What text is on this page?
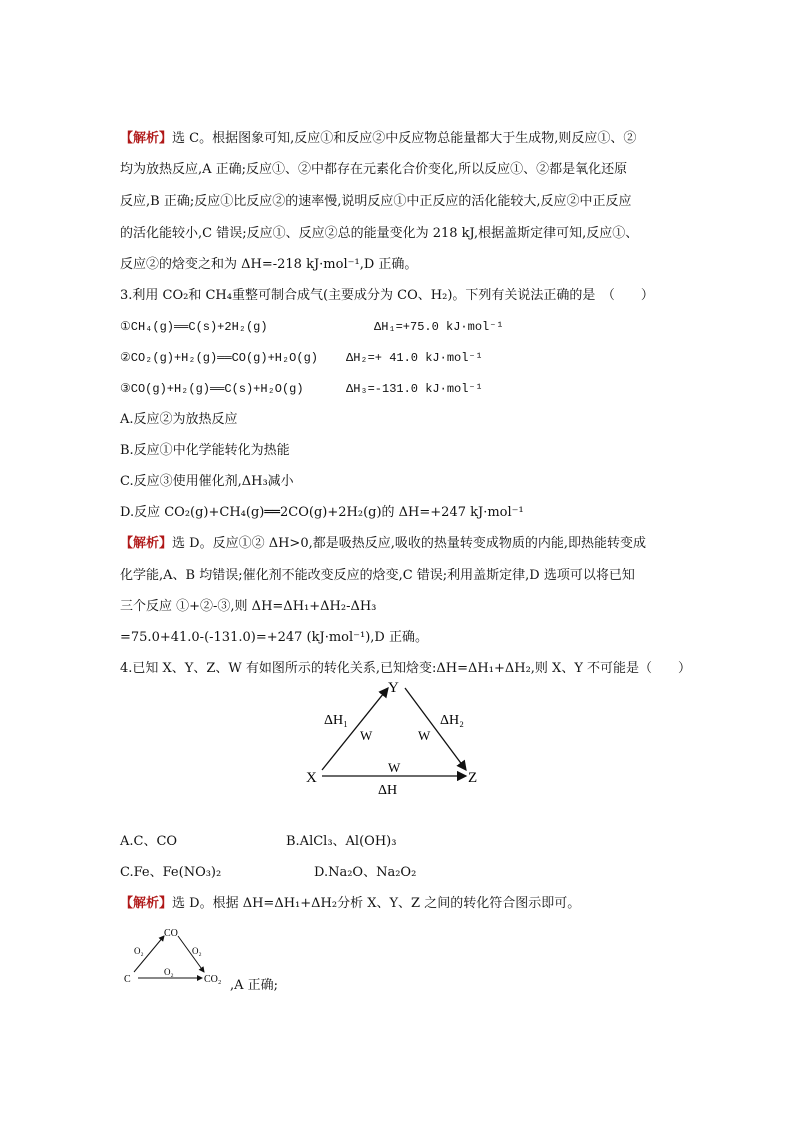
【解析】选 C。根据图象可知,反应①和反应②中反应物总能量都大于生成物,则反应①、②
均为放热反应,A 正确;反应①、②中都存在元素化合价变化,所以反应①、②都是氧化还原
反应,B 正确;反应①比反应②的速率慢,说明反应①中正反应的活化能较大,反应②中正反应
的活化能较小,C 错误;反应①、反应②总的能量变化为 218 kJ,根据盖斯定律可知,反应①、
反应②的焓变之和为 ΔH=-218 kJ·mol⁻¹,D 正确。
3.利用 CO₂和 CH₄重整可制合成气(主要成分为 CO、H₂)。下列有关说法正确的是　（　　）
①CH₄(g)══C(s)+2H₂(g)	ΔH₁=+75.0 kJ·mol⁻¹
②CO₂(g)+H₂(g)══CO(g)+H₂O(g) ΔH₂=+ 41.0 kJ·mol⁻¹
③CO(g)+H₂(g)══C(s)+H₂O(g)	ΔH₃=-131.0 kJ·mol⁻¹
A.反应②为放热反应
B.反应①中化学能转化为热能
C.反应③使用催化剂,ΔH₃减小
D.反应 CO₂(g)+CH₄(g)══2CO(g)+2H₂(g)的 ΔH=+247 kJ·mol⁻¹
【解析】选 D。反应①② ΔH>0,都是吸热反应,吸收的热量转变成物质的内能,即热能转变成
化学能,A、B 均错误;催化剂不能改变反应的焓变,C 错误;利用盖斯定律,D 选项可以将已知
三个反应 ①+②-③,则 ΔH=ΔH₁+ΔH₂-ΔH₃
=75.0+41.0-(-131.0)=+247 (kJ·mol⁻¹),D 正确。
4.已知 X、Y、Z、W 有如图所示的转化关系,已知焓变:ΔH=ΔH₁+ΔH₂,则 X、Y 不可能是（　　）
Y
X	Z
ΔH₁	ΔH₂
ΔH
W	W
W
A.C、CO	B.AlCl₃、Al(OH)₃
C.Fe、Fe(NO₃)₂	D.Na₂O、Na₂O₂
【解析】选 D。根据 ΔH=ΔH₁+ΔH₂分析 X、Y、Z 之间的转化符合图示即可。
CO
C	CO₂
O₂	O₂
O₂
,A 正确;
